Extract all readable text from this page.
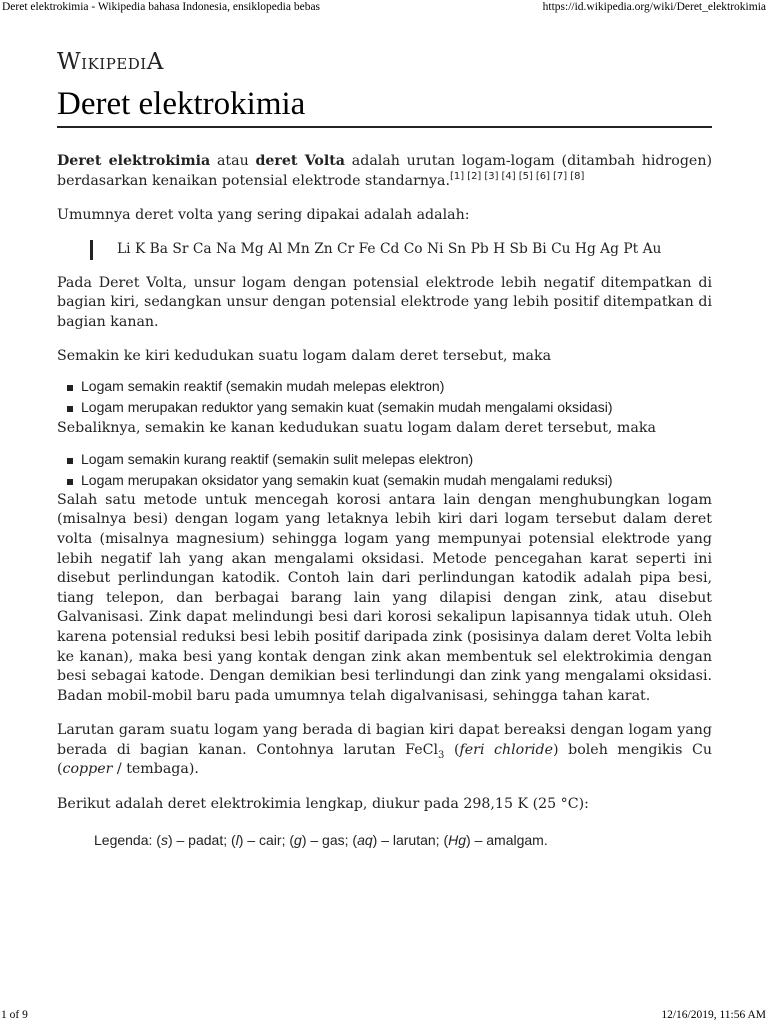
Deret elektrokimia - Wikipedia bahasa Indonesia, ensiklopedia bebas	https://id.wikipedia.org/wiki/Deret_elektrokimia
WikipediA
Deret elektrokimia

Deret elektrokimia atau deret Volta adalah urutan logam-logam (ditambah hidrogen) berdasarkan kenaikan potensial elektrode standarnya.[1] [2] [3] [4] [5] [6] [7] [8]

Umumnya deret volta yang sering dipakai adalah adalah:

Li K Ba Sr Ca Na Mg Al Mn Zn Cr Fe Cd Co Ni Sn Pb H Sb Bi Cu Hg Ag Pt Au

Pada Deret Volta, unsur logam dengan potensial elektrode lebih negatif ditempatkan di bagian kiri, sedangkan unsur dengan potensial elektrode yang lebih positif ditempatkan di bagian kanan.

Semakin ke kiri kedudukan suatu logam dalam deret tersebut, maka

Logam semakin reaktif (semakin mudah melepas elektron)
Logam merupakan reduktor yang semakin kuat (semakin mudah mengalami oksidasi)

Sebaliknya, semakin ke kanan kedudukan suatu logam dalam deret tersebut, maka

Logam semakin kurang reaktif (semakin sulit melepas elektron)
Logam merupakan oksidator yang semakin kuat (semakin mudah mengalami reduksi)

Salah satu metode untuk mencegah korosi antara lain dengan menghubungkan logam (misalnya besi) dengan logam yang letaknya lebih kiri dari logam tersebut dalam deret volta (misalnya magnesium) sehingga logam yang mempunyai potensial elektrode yang lebih negatif lah yang akan mengalami oksidasi. Metode pencegahan karat seperti ini disebut perlindungan katodik. Contoh lain dari perlindungan katodik adalah pipa besi, tiang telepon, dan berbagai barang lain yang dilapisi dengan zink, atau disebut Galvanisasi. Zink dapat melindungi besi dari korosi sekalipun lapisannya tidak utuh. Oleh karena potensial reduksi besi lebih positif daripada zink (posisinya dalam deret Volta lebih ke kanan), maka besi yang kontak dengan zink akan membentuk sel elektrokimia dengan besi sebagai katode. Dengan demikian besi terlindungi dan zink yang mengalami oksidasi. Badan mobil-mobil baru pada umumnya telah digalvanisasi, sehingga tahan karat.

Larutan garam suatu logam yang berada di bagian kiri dapat bereaksi dengan logam yang berada di bagian kanan. Contohnya larutan FeCl$_3$ (feri chloride) boleh mengikis Cu (copper / tembaga).

Berikut adalah deret elektrokimia lengkap, diukur pada 298,15 K (25 °C):

Legenda: (s) – padat; (l) – cair; (g) – gas; (aq) – larutan; (Hg) – amalgam.
1 of 9	12/16/2019, 11:56 AM
